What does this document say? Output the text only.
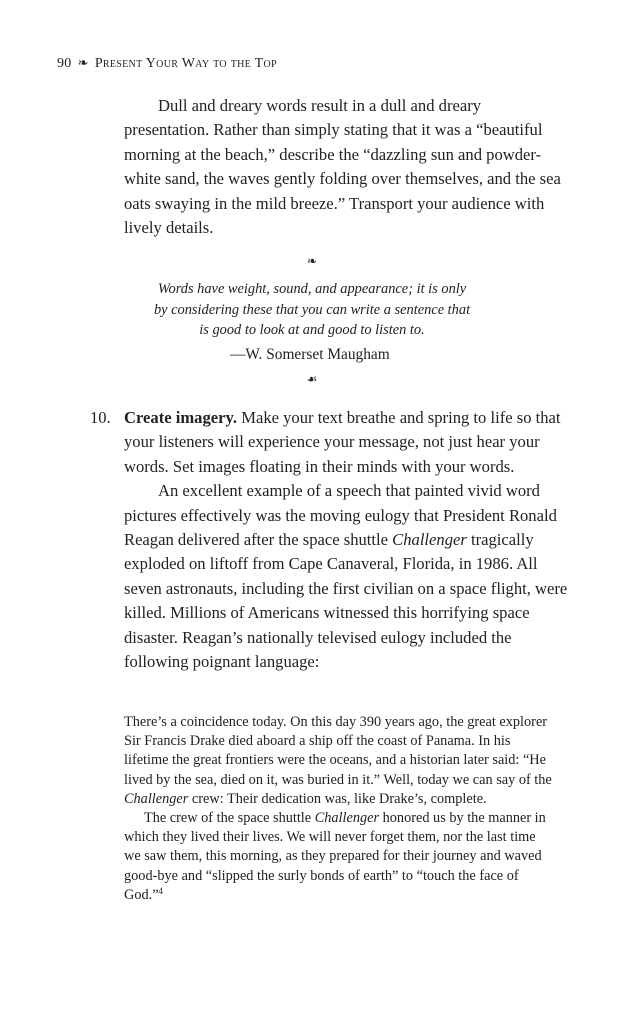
90 ❧ Present Your Way to the Top

Dull and dreary words result in a dull and dreary presentation. Rather than simply stating that it was a “beautiful morning at the beach,” describe the “dazzling sun and powder-white sand, the waves gently folding over themselves, and the sea oats swaying in the mild breeze.” Transport your audience with lively details.

❧
Words have weight, sound, and appearance; it is only
by considering these that you can write a sentence that
is good to look at and good to listen to.
—W. Somerset Maugham
☙
10. Create imagery. Make your text breathe and spring to life so that your listeners will experience your message, not just hear your words. Set images floating in their minds with your words.

An excellent example of a speech that painted vivid word pictures effectively was the moving eulogy that President Ronald Reagan delivered after the space shuttle Challenger tragically exploded on liftoff from Cape Canaveral, Florida, in 1986. All seven astronauts, including the first civilian on a space flight, were killed. Millions of Americans witnessed this horrifying space disaster. Reagan’s nationally televised eulogy included the following poignant language:

There’s a coincidence today. On this day 390 years ago, the great explorer Sir Francis Drake died aboard a ship off the coast of Panama. In his lifetime the great frontiers were the oceans, and a historian later said: “He lived by the sea, died on it, was buried in it.” Well, today we can say of the Challenger crew: Their dedication was, like Drake’s, complete.

The crew of the space shuttle Challenger honored us by the manner in which they lived their lives. We will never forget them, nor the last time we saw them, this morning, as they prepared for their journey and waved good-bye and “slipped the surly bonds of earth” to “touch the face of God.”$^4$
